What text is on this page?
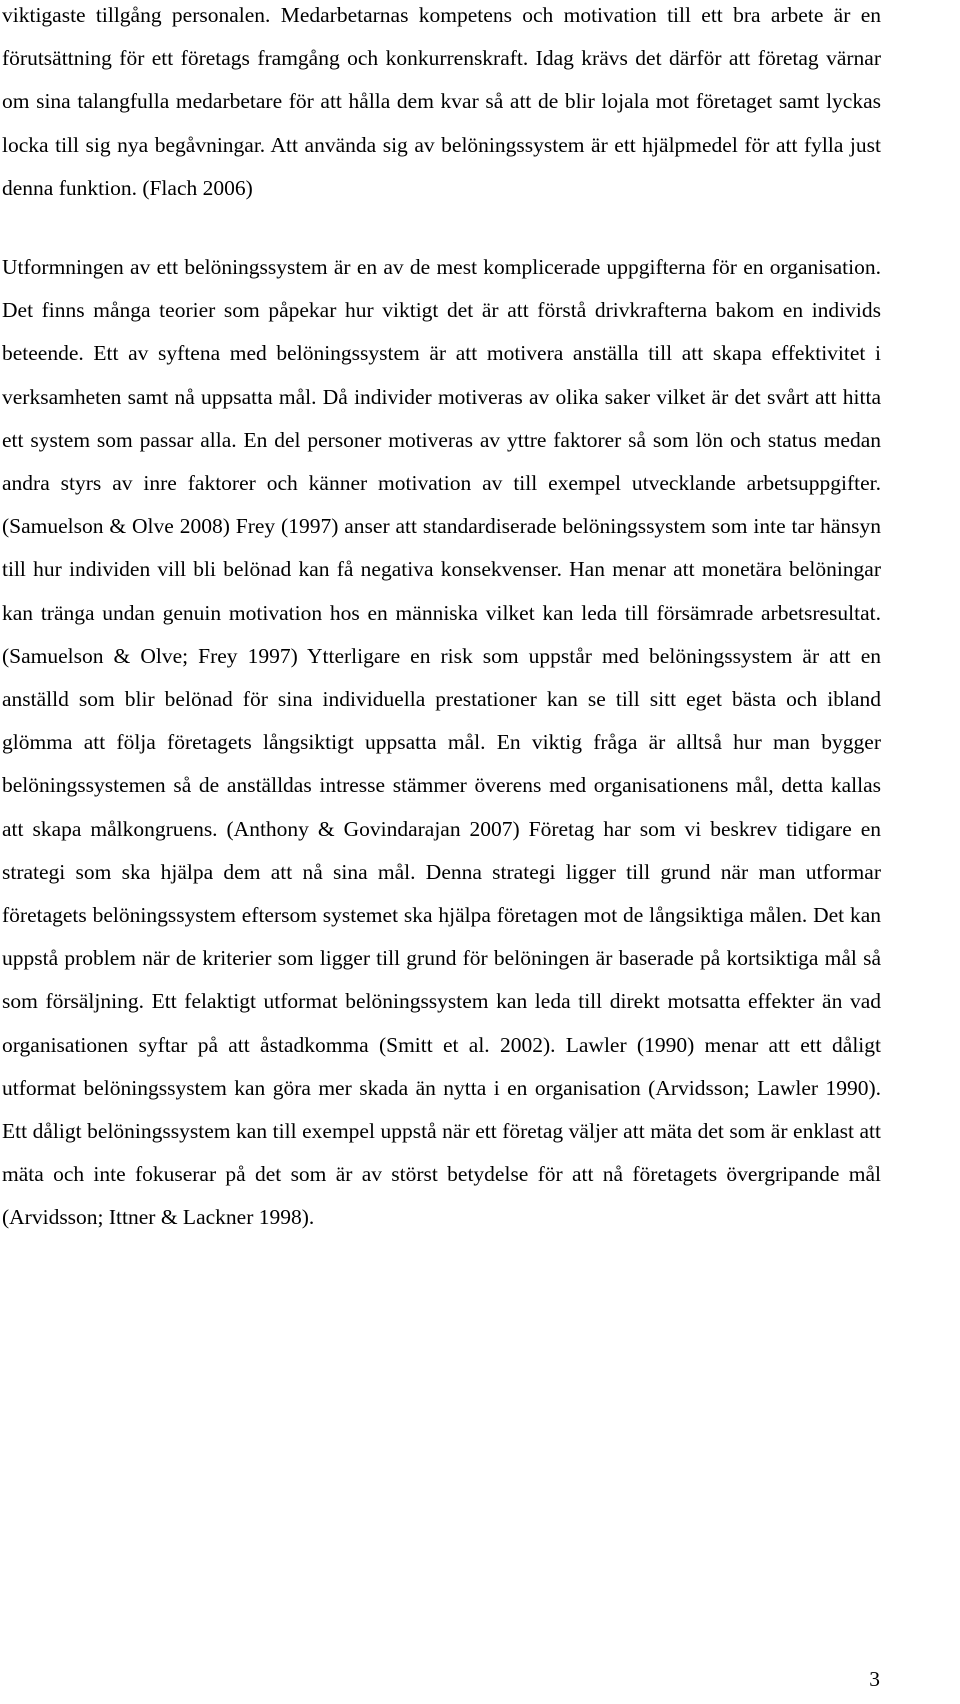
viktigaste tillgång personalen. Medarbetarnas kompetens och motivation till ett bra arbete är en förutsättning för ett företags framgång och konkurrenskraft. Idag krävs det därför att företag värnar om sina talangfulla medarbetare för att hålla dem kvar så att de blir lojala mot företaget samt lyckas locka till sig nya begåvningar. Att använda sig av belöningssystem är ett hjälpmedel för att fylla just denna funktion. (Flach 2006)

Utformningen av ett belöningssystem är en av de mest komplicerade uppgifterna för en organisation. Det finns många teorier som påpekar hur viktigt det är att förstå drivkrafterna bakom en individs beteende. Ett av syftena med belöningssystem är att motivera anställa till att skapa effektivitet i verksamheten samt nå uppsatta mål. Då individer motiveras av olika saker vilket är det svårt att hitta ett system som passar alla. En del personer motiveras av yttre faktorer så som lön och status medan andra styrs av inre faktorer och känner motivation av till exempel utvecklande arbetsuppgifter. (Samuelson & Olve 2008) Frey (1997) anser att standardiserade belöningssystem som inte tar hänsyn till hur individen vill bli belönad kan få negativa konsekvenser. Han menar att monetära belöningar kan tränga undan genuin motivation hos en människa vilket kan leda till försämrade arbetsresultat. (Samuelson & Olve; Frey 1997) Ytterligare en risk som uppstår med belöningssystem är att en anställd som blir belönad för sina individuella prestationer kan se till sitt eget bästa och ibland glömma att följa företagets långsiktigt uppsatta mål. En viktig fråga är alltså hur man bygger belöningssystemen så de anställdas intresse stämmer överens med organisationens mål, detta kallas att skapa målkongruens. (Anthony & Govindarajan 2007) Företag har som vi beskrev tidigare en strategi som ska hjälpa dem att nå sina mål. Denna strategi ligger till grund när man utformar företagets belöningssystem eftersom systemet ska hjälpa företagen mot de långsiktiga målen. Det kan uppstå problem när de kriterier som ligger till grund för belöningen är baserade på kortsiktiga mål så som försäljning. Ett felaktigt utformat belöningssystem kan leda till direkt motsatta effekter än vad organisationen syftar på att åstadkomma (Smitt et al. 2002). Lawler (1990) menar att ett dåligt utformat belöningssystem kan göra mer skada än nytta i en organisation (Arvidsson; Lawler 1990). Ett dåligt belöningssystem kan till exempel uppstå när ett företag väljer att mäta det som är enklast att mäta och inte fokuserar på det som är av störst betydelse för att nå företagets övergripande mål (Arvidsson; Ittner & Lackner 1998).

3
